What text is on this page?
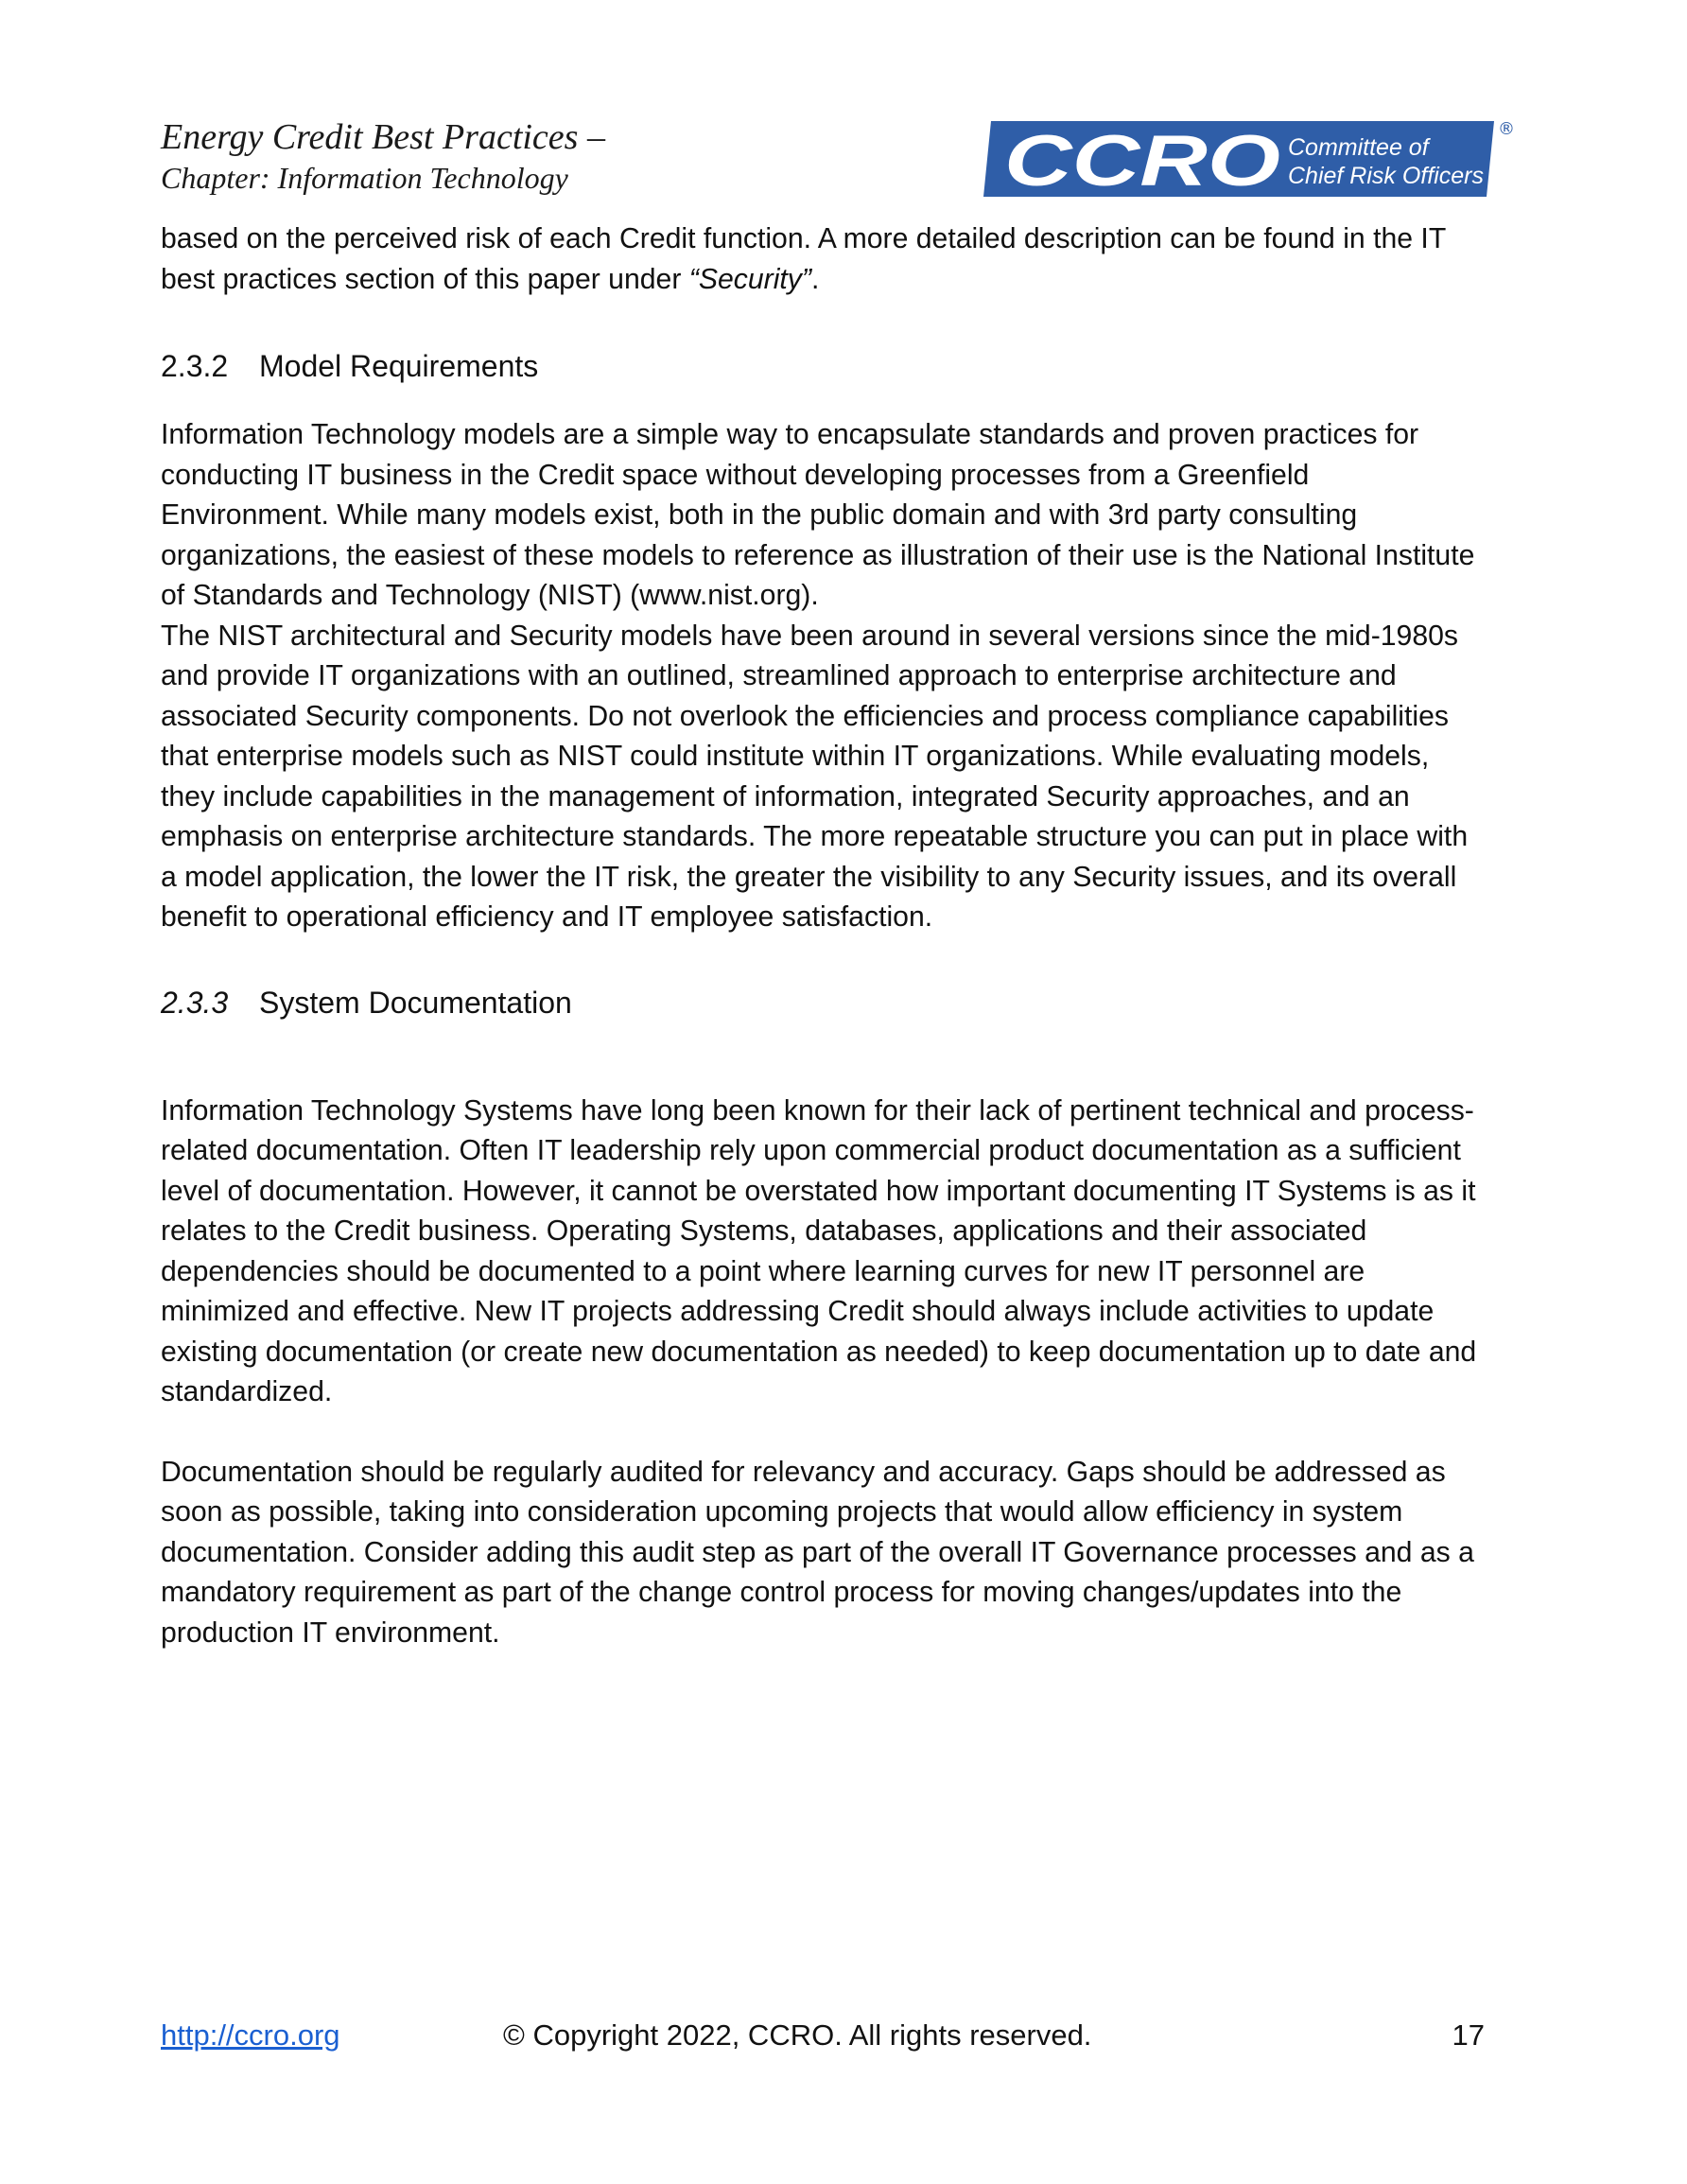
Energy Credit Best Practices –
Chapter: Information Technology	CCRO Committee of
Chief Risk Officers
®

based on the perceived risk of each Credit function. A more detailed description can be found in the IT best practices section of this paper under “Security”.

2.3.2 Model Requirements

Information Technology models are a simple way to encapsulate standards and proven practices for conducting IT business in the Credit space without developing processes from a Greenfield Environment. While many models exist, both in the public domain and with 3rd party consulting organizations, the easiest of these models to reference as illustration of their use is the National Institute of Standards and Technology (NIST) (www.nist.org).

The NIST architectural and Security models have been around in several versions since the mid-1980s and provide IT organizations with an outlined, streamlined approach to enterprise architecture and associated Security components. Do not overlook the efficiencies and process compliance capabilities that enterprise models such as NIST could institute within IT organizations. While evaluating models, they include capabilities in the management of information, integrated Security approaches, and an emphasis on enterprise architecture standards. The more repeatable structure you can put in place with a model application, the lower the IT risk, the greater the visibility to any Security issues, and its overall benefit to operational efficiency and IT employee satisfaction.

2.3.3 System Documentation

Information Technology Systems have long been known for their lack of pertinent technical and process-related documentation. Often IT leadership rely upon commercial product documentation as a sufficient level of documentation. However, it cannot be overstated how important documenting IT Systems is as it relates to the Credit business. Operating Systems, databases, applications and their associated dependencies should be documented to a point where learning curves for new IT personnel are minimized and effective. New IT projects addressing Credit should always include activities to update existing documentation (or create new documentation as needed) to keep documentation up to date and standardized.

Documentation should be regularly audited for relevancy and accuracy. Gaps should be addressed as soon as possible, taking into consideration upcoming projects that would allow efficiency in system documentation. Consider adding this audit step as part of the overall IT Governance processes and as a mandatory requirement as part of the change control process for moving changes/updates into the production IT environment.

http://ccro.org	© Copyright 2022, CCRO. All rights reserved.	17
